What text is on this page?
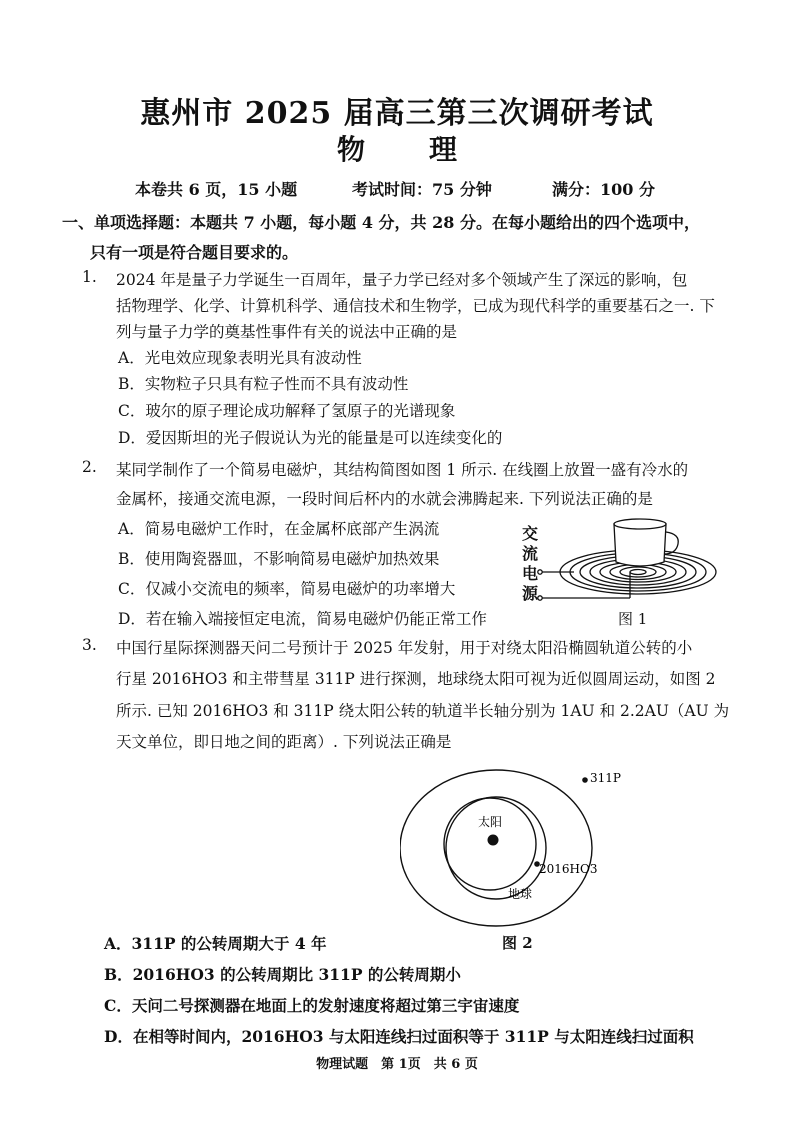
惠州市 2025 届高三第三次调研考试
物　理
本卷共 6 页，15 小题	考试时间：75 分钟	满分：100 分
一、单项选择题：本题共 7 小题，每小题 4 分，共 28 分。在每小题给出的四个选项中，
只有一项是符合题目要求的。
1. 2024 年是量子力学诞生一百周年，量子力学已经对多个领域产生了深远的影响，包
括物理学、化学、计算机科学、通信技术和生物学，已成为现代科学的重要基石之一. 下
列与量子力学的奠基性事件有关的说法中正确的是
A．光电效应现象表明光具有波动性
B．实物粒子只具有粒子性而不具有波动性
C．玻尔的原子理论成功解释了氢原子的光谱现象
D．爱因斯坦的光子假说认为光的能量是可以连续变化的
2. 某同学制作了一个简易电磁炉，其结构简图如图 1 所示. 在线圈上放置一盛有冷水的
金属杯，接通交流电源，一段时间后杯内的水就会沸腾起来. 下列说法正确的是
A．简易电磁炉工作时，在金属杯底部产生涡流
B．使用陶瓷器皿，不影响简易电磁炉加热效果
C．仅减小交流电的频率，简易电磁炉的功率增大
D．若在输入端接恒定电流，简易电磁炉仍能正常工作
交
流
电
源
图 1
3. 中国行星际探测器天问二号预计于 2025 年发射，用于对绕太阳沿椭圆轨道公转的小
行星 2016HO3 和主带彗星 311P 进行探测，地球绕太阳可视为近似圆周运动，如图 2
所示. 已知 2016HO3 和 311P 绕太阳公转的轨道半长轴分别为 1AU 和 2.2AU（AU 为
天文单位，即日地之间的距离）. 下列说法正确是
311P
太阳
2016HO3
地球
图 2
A．311P 的公转周期大于 4 年
B．2016HO3 的公转周期比 311P 的公转周期小
C．天问二号探测器在地面上的发射速度将超过第三宇宙速度
D．在相等时间内，2016HO3 与太阳连线扫过面积等于 311P 与太阳连线扫过面积
物理试题　第 1页　共 6 页
